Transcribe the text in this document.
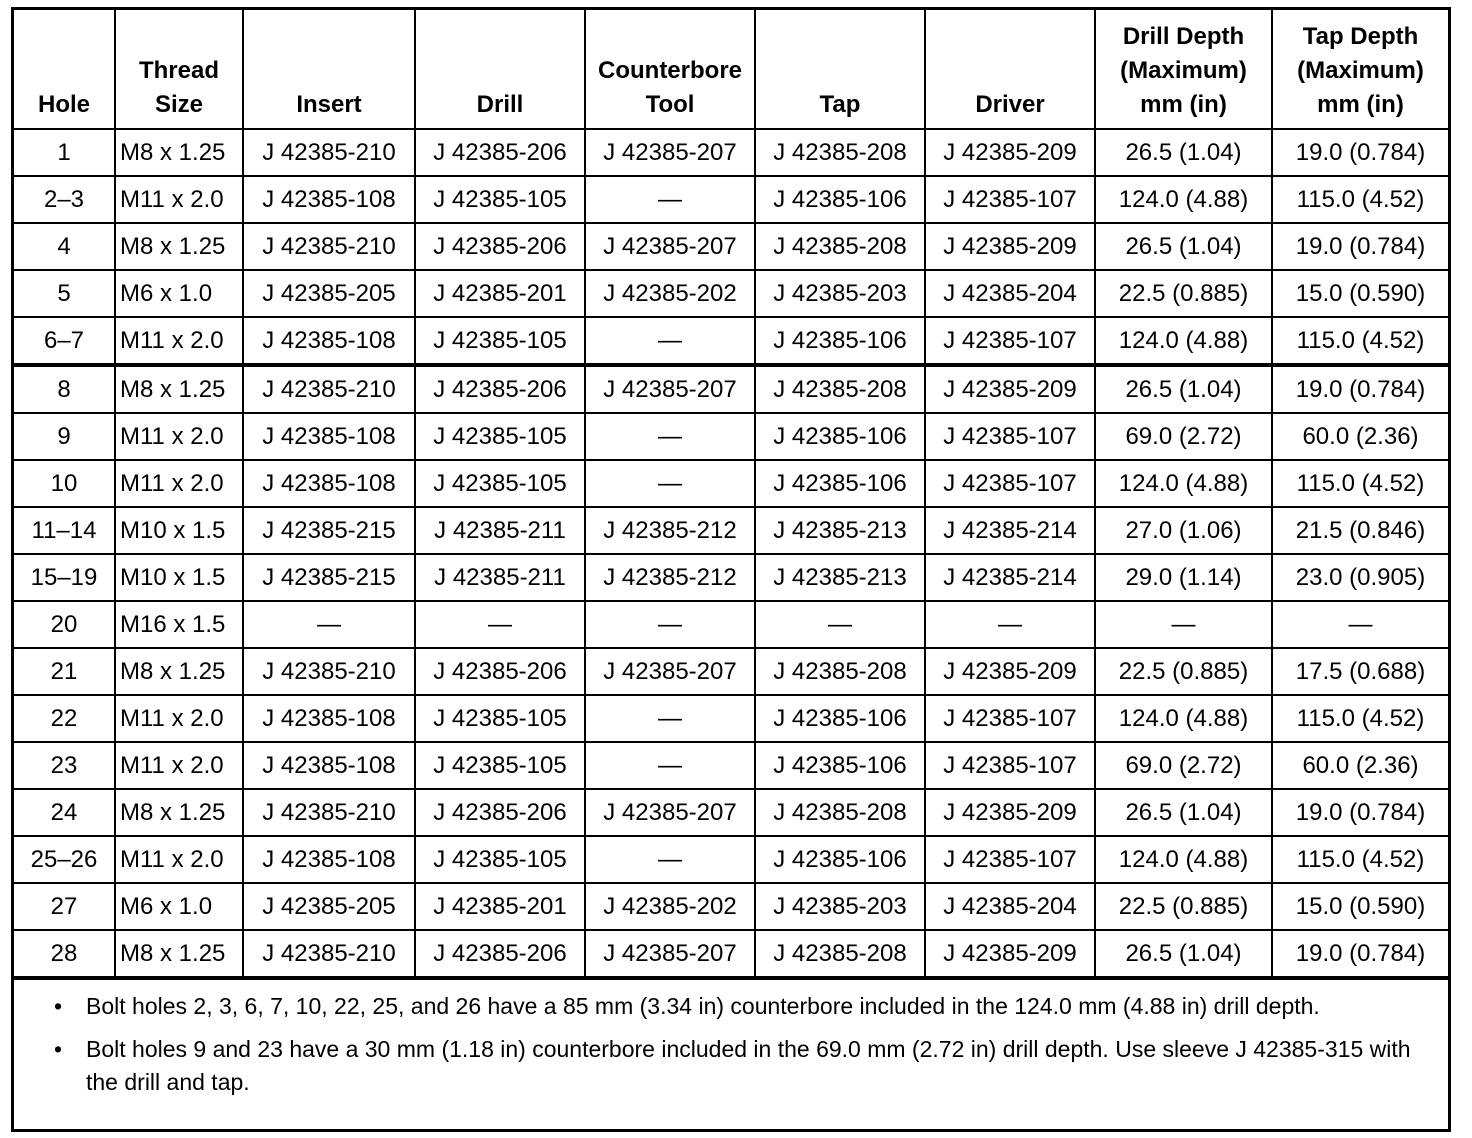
Hole	Thread Size	Insert	Drill	Counterbore Tool	Tap	Driver	Drill Depth (Maximum) mm (in)	Tap Depth (Maximum) mm (in)
1	M8 x 1.25	J 42385-210	J 42385-206	J 42385-207	J 42385-208	J 42385-209	26.5 (1.04)	19.0 (0.784)
2–3	M11 x 2.0	J 42385-108	J 42385-105	—	J 42385-106	J 42385-107	124.0 (4.88)	115.0 (4.52)
4	M8 x 1.25	J 42385-210	J 42385-206	J 42385-207	J 42385-208	J 42385-209	26.5 (1.04)	19.0 (0.784)
5	M6 x 1.0	J 42385-205	J 42385-201	J 42385-202	J 42385-203	J 42385-204	22.5 (0.885)	15.0 (0.590)
6–7	M11 x 2.0	J 42385-108	J 42385-105	—	J 42385-106	J 42385-107	124.0 (4.88)	115.0 (4.52)
8	M8 x 1.25	J 42385-210	J 42385-206	J 42385-207	J 42385-208	J 42385-209	26.5 (1.04)	19.0 (0.784)
9	M11 x 2.0	J 42385-108	J 42385-105	—	J 42385-106	J 42385-107	69.0 (2.72)	60.0 (2.36)
10	M11 x 2.0	J 42385-108	J 42385-105	—	J 42385-106	J 42385-107	124.0 (4.88)	115.0 (4.52)
11–14	M10 x 1.5	J 42385-215	J 42385-211	J 42385-212	J 42385-213	J 42385-214	27.0 (1.06)	21.5 (0.846)
15–19	M10 x 1.5	J 42385-215	J 42385-211	J 42385-212	J 42385-213	J 42385-214	29.0 (1.14)	23.0 (0.905)
20	M16 x 1.5	—	—	—	—	—	—	—
21	M8 x 1.25	J 42385-210	J 42385-206	J 42385-207	J 42385-208	J 42385-209	22.5 (0.885)	17.5 (0.688)
22	M11 x 2.0	J 42385-108	J 42385-105	—	J 42385-106	J 42385-107	124.0 (4.88)	115.0 (4.52)
23	M11 x 2.0	J 42385-108	J 42385-105	—	J 42385-106	J 42385-107	69.0 (2.72)	60.0 (2.36)
24	M8 x 1.25	J 42385-210	J 42385-206	J 42385-207	J 42385-208	J 42385-209	26.5 (1.04)	19.0 (0.784)
25–26	M11 x 2.0	J 42385-108	J 42385-105	—	J 42385-106	J 42385-107	124.0 (4.88)	115.0 (4.52)
27	M6 x 1.0	J 42385-205	J 42385-201	J 42385-202	J 42385-203	J 42385-204	22.5 (0.885)	15.0 (0.590)
28	M8 x 1.25	J 42385-210	J 42385-206	J 42385-207	J 42385-208	J 42385-209	26.5 (1.04)	19.0 (0.784)
• Bolt holes 2, 3, 6, 7, 10, 22, 25, and 26 have a 85 mm (3.34 in) counterbore included in the 124.0 mm (4.88 in) drill depth.
• Bolt holes 9 and 23 have a 30 mm (1.18 in) counterbore included in the 69.0 mm (2.72 in) drill depth. Use sleeve J 42385-315 with the drill and tap.
